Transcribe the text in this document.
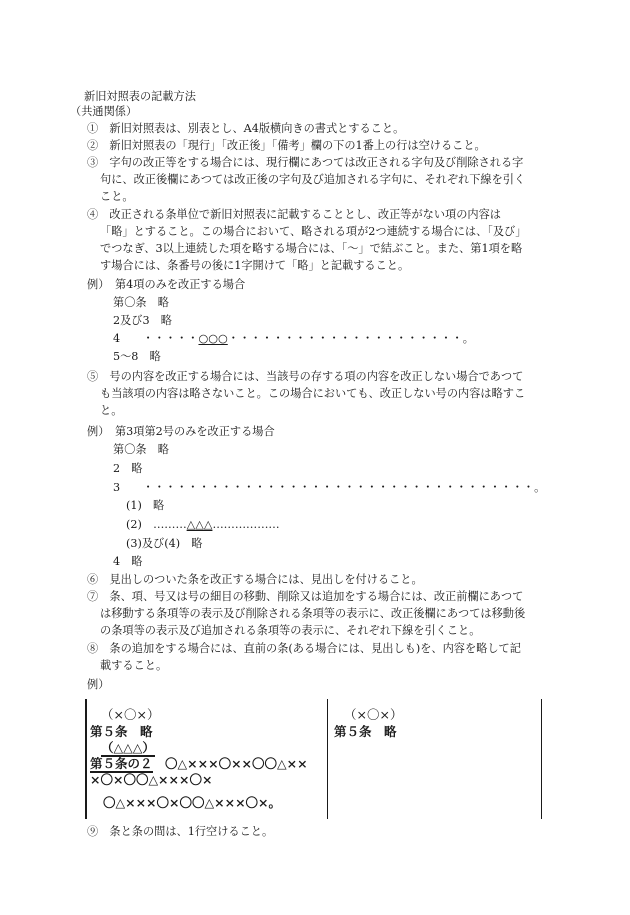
新旧対照表の記載方法
（共通関係）
①　 新旧対照表は、別表とし、A4版横向きの書式とすること。
②　 新旧対照表の「現行」「改正後」「備考」欄の下の1番上の行は空けること。
③　 字句の改正等をする場合には、現行欄にあつては改正される字句及び削除される字
句に、改正後欄にあつては改正後の字句及び追加される字句に、それぞれ下線を引く
こと。
④　 改正される条単位で新旧対照表に記載することとし、改正等がない項の内容は
「略」とすること。この場合において、略される項が2つ連続する場合には、「及び」
でつなぎ、3以上連続した項を略する場合には、「～」で結ぶこと。また、第1項を略
す場合には、条番号の後に1字開けて「略」と記載すること。
例）　 第4項のみを改正する場合
第〇条　略
2及び3　略
4　　 ・・・・・○○○・・・・・・・・・・・・・・・・・・・・・。
5～8　略
⑤　 号の内容を改正する場合には、当該号の存する項の内容を改正しない場合であつて
も当該項の内容は略さないこと。この場合においても、改正しない号の内容は略すこ
と。
例）　 第3項第2号のみを改正する場合
第〇条　略
2　略
3　　 ・・・・・・・・・・・・・・・・・・・・・・・・・・・・・・・・・・・。
(1)　略
(2)　 ………△△△………………
(3)及び(4)　略
4　略
⑥　 見出しのついた条を改正する場合には、見出しを付けること。
⑦　 条、項、号又は号の細目の移動、削除又は追加をする場合には、改正前欄にあつて
は移動する条項等の表示及び削除される条項等の表示に、改正後欄にあつては移動後
の条項等の表示及び追加される条項等の表示に、それぞれ下線を引くこと。
⑧　 条の追加をする場合には、直前の条(ある場合には、見出しも)を、内容を略して記
載すること。
例）
（×〇×）
第５条　略
（△△△）
第５条の２　 〇△×××〇××〇〇△××
×〇×〇〇△×××〇×
〇△×××〇×〇〇△×××〇×。
（×〇×）
第５条　略
⑨　 条と条の間は、1行空けること。
